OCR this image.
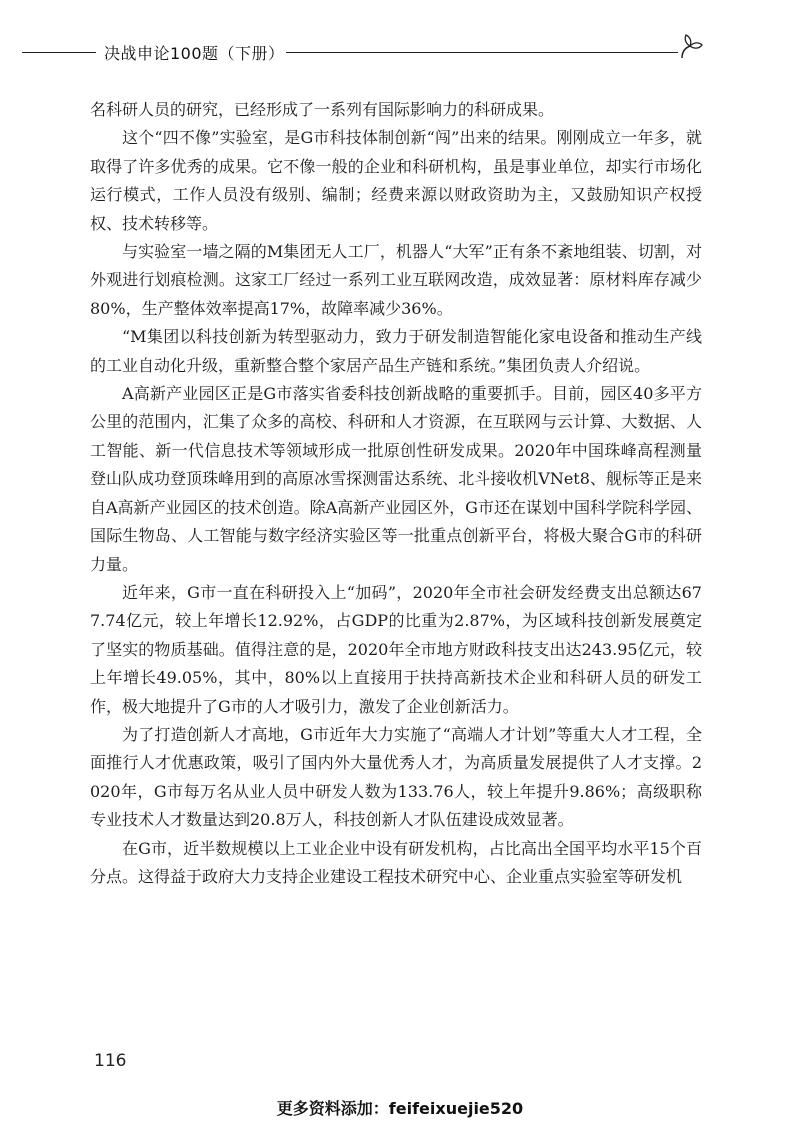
决战申论100题（下册）

名科研人员的研究，已经形成了一系列有国际影响力的科研成果。

这个“四不像”实验室，是G市科技体制创新“闯”出来的结果。刚刚成立一年多，就取得了许多优秀的成果。它不像一般的企业和科研机构，虽是事业单位，却实行市场化运行模式，工作人员没有级别、编制；经费来源以财政资助为主，又鼓励知识产权授权、技术转移等。

与实验室一墙之隔的M集团无人工厂，机器人“大军”正有条不紊地组装、切割，对外观进行划痕检测。这家工厂经过一系列工业互联网改造，成效显著：原材料库存减少80%，生产整体效率提高17%，故障率减少36%。

“M集团以科技创新为转型驱动力，致力于研发制造智能化家电设备和推动生产线的工业自动化升级，重新整合整个家居产品生产链和系统。”集团负责人介绍说。

A高新产业园区正是G市落实省委科技创新战略的重要抓手。目前，园区40多平方公里的范围内，汇集了众多的高校、科研和人才资源，在互联网与云计算、大数据、人工智能、新一代信息技术等领域形成一批原创性研发成果。2020年中国珠峰高程测量登山队成功登顶珠峰用到的高原冰雪探测雷达系统、北斗接收机VNet8、舰标等正是来自A高新产业园区的技术创造。除A高新产业园区外，G市还在谋划中国科学院科学园、国际生物岛、人工智能与数字经济实验区等一批重点创新平台，将极大聚合G市的科研力量。

近年来，G市一直在科研投入上“加码”，2020年全市社会研发经费支出总额达677.74亿元，较上年增长12.92%，占GDP的比重为2.87%，为区域科技创新发展奠定了坚实的物质基础。值得注意的是，2020年全市地方财政科技支出达243.95亿元，较上年增长49.05%，其中，80%以上直接用于扶持高新技术企业和科研人员的研发工作，极大地提升了G市的人才吸引力，激发了企业创新活力。

为了打造创新人才高地，G市近年大力实施了“高端人才计划”等重大人才工程，全面推行人才优惠政策，吸引了国内外大量优秀人才，为高质量发展提供了人才支撑。2020年，G市每万名从业人员中研发人数为133.76人，较上年提升9.86%；高级职称专业技术人才数量达到20.8万人，科技创新人才队伍建设成效显著。

在G市，近半数规模以上工业企业中设有研发机构，占比高出全国平均水平15个百分点。这得益于政府大力支持企业建设工程技术研究中心、企业重点实验室等研发机

116
更多资料添加：feifeixuejie520
